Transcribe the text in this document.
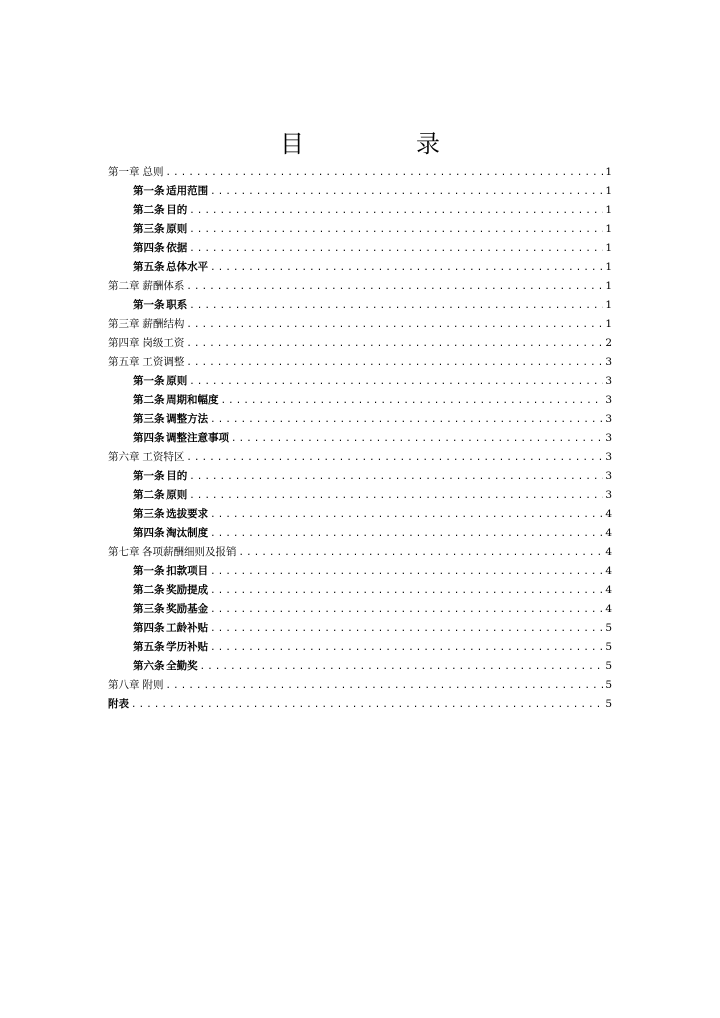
目　录
第一章 总则 .....	1
第一条 适用范围 .....	1
第二条 目的 .....	1
第三条 原则 .....	1
第四条 依据 .....	1
第五条 总体水平 .....	1
第二章 薪酬体系 .....	1
第一条 职系 .....	1
第三章 薪酬结构 .....	1
第四章 岗级工资 .....	2
第五章 工资调整 .....	3
第一条 原则 .....	3
第二条 周期和幅度 .....	3
第三条 调整方法 .....	3
第四条 调整注意事项 .....	3
第六章 工资特区 .....	3
第一条 目的 .....	3
第二条 原则 .....	3
第三条 选拔要求 .....	4
第四条 淘汰制度 .....	4
第七章 各项薪酬细则及报销 .....	4
第一条 扣款项目 .....	4
第二条 奖励提成 .....	4
第三条 奖励基金 .....	4
第四条 工龄补贴 .....	5
第五条 学历补贴 .....	5
第六条 全勤奖 .....	5
第八章 附则 .....	5
附表 .....	5
